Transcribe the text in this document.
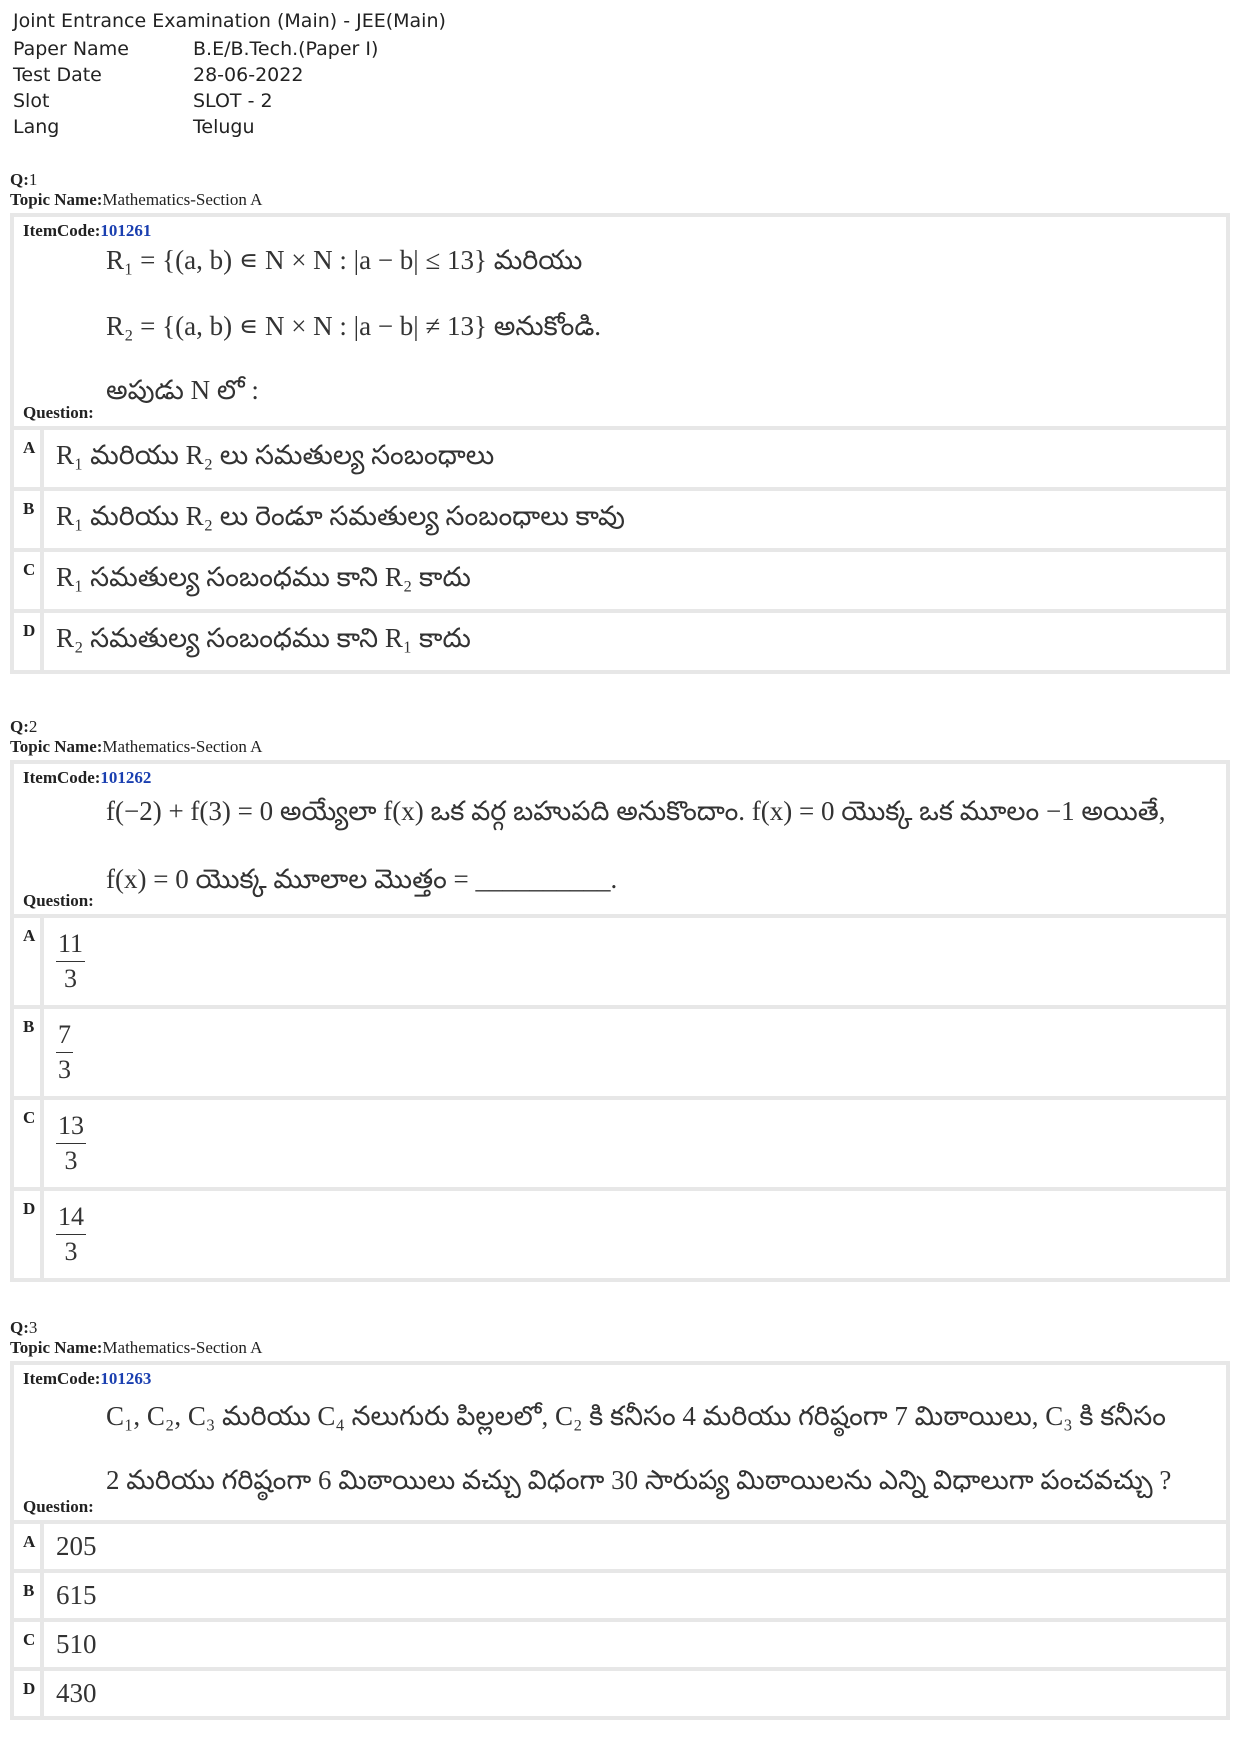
Joint Entrance Examination (Main) - JEE(Main)
Paper Name	B.E/B.Tech.(Paper I)
Test Date	28-06-2022
Slot	SLOT - 2
Lang	Telugu
Q:1
Topic Name:Mathematics-Section A
ItemCode:101261
R₁ = {(a, b) ∊ N × N : |a − b| ≤ 13} మరియు
R₂ = {(a, b) ∊ N × N : |a − b| ≠ 13} అనుకోండి.
Question:
అపుడు N లో :
A R₁ మరియు R₂ లు సమతుల్య సంబంధాలు
B R₁ మరియు R₂ లు రెండూ సమతుల్య సంబంధాలు కావు
C R₁ సమతుల్య సంబంధము కాని R₂ కాదు
D R₂ సమతుల్య సంబంధము కాని R₁ కాదు
Q:2
Topic Name:Mathematics-Section A
ItemCode:101262
f(−2) + f(3) = 0 అయ్యేలా f(x) ఒక వర్గ బహుపది అనుకొందాం. f(x) = 0 యొక్క ఒక మూలం −1 అయితే,
Question:
f(x) = 0 యొక్క మూలాల మొత్తం = __________.
A $\frac{11}{3}$
B $\frac{7}{3}$
C $\frac{13}{3}$
D $\frac{14}{3}$
Q:3
Topic Name:Mathematics-Section A
ItemCode:101263
C₁, C₂, C₃ మరియు C₄ నలుగురు పిల్లలలో, C₂ కి కనీసం 4 మరియు గరిష్ఠంగా 7 మిఠాయిలు, C₃ కి కనీసం
Question:
2 మరియు గరిష్ఠంగా 6 మిఠాయిలు వచ్చు విధంగా 30 సారుప్య మిఠాయిలను ఎన్ని విధాలుగా పంచవచ్చు ?
A 205
B 615
C 510
D 430
